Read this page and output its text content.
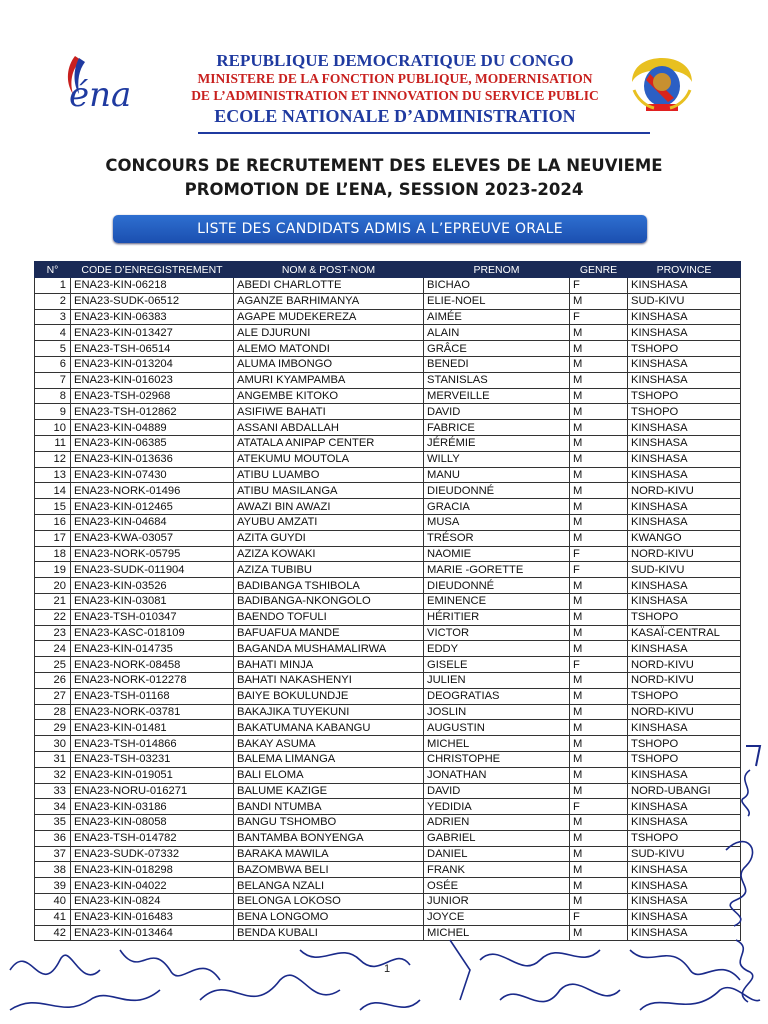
éna
REPUBLIQUE DEMOCRATIQUE DU CONGO
MINISTERE DE LA FONCTION PUBLIQUE, MODERNISATION
DE L’ADMINISTRATION ET INNOVATION DU SERVICE PUBLIC
ECOLE NATIONALE D’ADMINISTRATION
CONCOURS DE RECRUTEMENT DES ELEVES DE LA NEUVIEME
PROMOTION DE L’ENA, SESSION 2023-2024
LISTE DES CANDIDATS ADMIS A L’EPREUVE ORALE
N°	CODE D’ENREGISTREMENT	NOM & POST-NOM	PRENOM	GENRE	PROVINCE
1	ENA23-KIN-06218	ABEDI CHARLOTTE	BICHAO	F	KINSHASA
2	ENA23-SUDK-06512	AGANZE BARHIMANYA	ELIE-NOEL	M	SUD-KIVU
3	ENA23-KIN-06383	AGAPE MUDEKEREZA	AIMÉE	F	KINSHASA
4	ENA23-KIN-013427	ALE DJURUNI	ALAIN	M	KINSHASA
5	ENA23-TSH-06514	ALEMO MATONDI	GRÂCE	M	TSHOPO
6	ENA23-KIN-013204	ALUMA IMBONGO	BENEDI	M	KINSHASA
7	ENA23-KIN-016023	AMURI KYAMPAMBA	STANISLAS	M	KINSHASA
8	ENA23-TSH-02968	ANGEMBE KITOKO	MERVEILLE	M	TSHOPO
9	ENA23-TSH-012862	ASIFIWE BAHATI	DAVID	M	TSHOPO
10	ENA23-KIN-04889	ASSANI ABDALLAH	FABRICE	M	KINSHASA
11	ENA23-KIN-06385	ATATALA ANIPAP CENTER	JÉRÉMIE	M	KINSHASA
12	ENA23-KIN-013636	ATEKUMU MOUTOLA	WILLY	M	KINSHASA
13	ENA23-KIN-07430	ATIBU LUAMBO	MANU	M	KINSHASA
14	ENA23-NORK-01496	ATIBU MASILANGA	DIEUDONNÉ	M	NORD-KIVU
15	ENA23-KIN-012465	AWAZI BIN AWAZI	GRACIA	M	KINSHASA
16	ENA23-KIN-04684	AYUBU AMZATI	MUSA	M	KINSHASA
17	ENA23-KWA-03057	AZITA GUYDI	TRÉSOR	M	KWANGO
18	ENA23-NORK-05795	AZIZA KOWAKI	NAOMIE	F	NORD-KIVU
19	ENA23-SUDK-011904	AZIZA TUBIBU	MARIE -GORETTE	F	SUD-KIVU
20	ENA23-KIN-03526	BADIBANGA TSHIBOLA	DIEUDONNÉ	M	KINSHASA
21	ENA23-KIN-03081	BADIBANGA-NKONGOLO	EMINENCE	M	KINSHASA
22	ENA23-TSH-010347	BAENDO TOFULI	HÉRITIER	M	TSHOPO
23	ENA23-KASC-018109	BAFUAFUA MANDE	VICTOR	M	KASAÏ-CENTRAL
24	ENA23-KIN-014735	BAGANDA MUSHAMALIRWA	EDDY	M	KINSHASA
25	ENA23-NORK-08458	BAHATI MINJA	GISELE	F	NORD-KIVU
26	ENA23-NORK-012278	BAHATI NAKASHENYI	JULIEN	M	NORD-KIVU
27	ENA23-TSH-01168	BAIYE BOKULUNDJE	DEOGRATIAS	M	TSHOPO
28	ENA23-NORK-03781	BAKAJIKA TUYEKUNI	JOSLIN	M	NORD-KIVU
29	ENA23-KIN-01481	BAKATUMANA KABANGU	AUGUSTIN	M	KINSHASA
30	ENA23-TSH-014866	BAKAY ASUMA	MICHEL	M	TSHOPO
31	ENA23-TSH-03231	BALEMA LIMANGA	CHRISTOPHE	M	TSHOPO
32	ENA23-KIN-019051	BALI ELOMA	JONATHAN	M	KINSHASA
33	ENA23-NORU-016271	BALUME KAZIGE	DAVID	M	NORD-UBANGI
34	ENA23-KIN-03186	BANDI NTUMBA	YEDIDIA	F	KINSHASA
35	ENA23-KIN-08058	BANGU TSHOMBO	ADRIEN	M	KINSHASA
36	ENA23-TSH-014782	BANTAMBA BONYENGA	GABRIEL	M	TSHOPO
37	ENA23-SUDK-07332	BARAKA MAWILA	DANIEL	M	SUD-KIVU
38	ENA23-KIN-018298	BAZOMBWA BELI	FRANK	M	KINSHASA
39	ENA23-KIN-04022	BELANGA NZALI	OSÉE	M	KINSHASA
40	ENA23-KIN-0824	BELONGA LOKOSO	JUNIOR	M	KINSHASA
41	ENA23-KIN-016483	BENA LONGOMO	JOYCE	F	KINSHASA
42	ENA23-KIN-013464	BENDA KUBALI	MICHEL	M	KINSHASA
1
